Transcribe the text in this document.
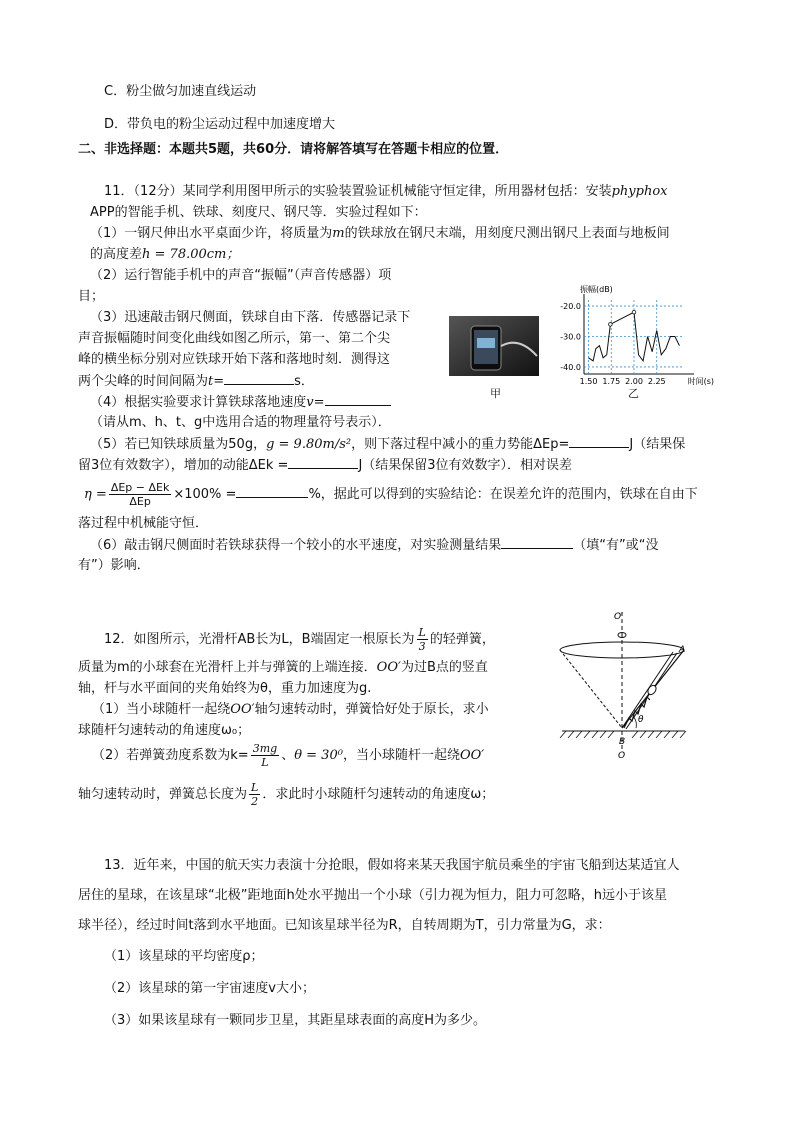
C．粉尘做匀加速直线运动
D．带负电的粉尘运动过程中加速度增大
二、非选择题：本题共5题，共60分．请将解答填写在答题卡相应的位置．
11．（12分）某同学利用图甲所示的实验装置验证机械能守恒定律，所用器材包括：安装phyphox
APP的智能手机、铁球、刻度尺、钢尺等．实验过程如下：
（1）一钢尺伸出水平桌面少许，将质量为m的铁球放在钢尺末端，用刻度尺测出钢尺上表面与地板间
的高度差h = 78.00cm；
（2）运行智能手机中的声音“振幅”（声音传感器）项
目；
（3）迅速敲击钢尺侧面，铁球自由下落．传感器记录下
声音振幅随时间变化曲线如图乙所示，第一、第二个尖
峰的横坐标分别对应铁球开始下落和落地时刻．测得这
两个尖峰的时间间隔为t=	s．
（4）根据实验要求计算铁球落地速度v=
（请从m、h、t、g中选用合适的物理量符号表示）．
（5）若已知铁球质量为50g，g = 9.80m/s²，则下落过程中减小的重力势能ΔEp=	J（结果保
留3位有效数字），增加的动能ΔEk =	J（结果保留3位有效数字）．相对误差
$\eta = \frac{\text{ΔEp − ΔEk}}{\text{ΔEp}} \times 100\%$ =	%，据此可以得到的实验结论：在误差允许的范围内，铁球在自由下
落过程中机械能守恒．
（6）敲击钢尺侧面时若铁球获得一个较小的水平速度，对实验测量结果	（填“有”或“没
有”）影响．
甲
振幅(dB)
-20.0
-30.0
-40.0
1.50 1.75 2.00 2.25	时间(s)
乙
12．如图所示，光滑杆AB长为L，B端固定一根原长为 $\frac{L}{3}$ 的轻弹簧，
质量为m的小球套在光滑杆上并与弹簧的上端连接．OO′为过B点的竖直
轴，杆与水平面间的夹角始终为θ，重力加速度为g.
（1）当小球随杆一起绕OO′轴匀速转动时，弹簧恰好处于原长，求小
球随杆匀速转动的角速度ω₀；
（2）若弹簧劲度系数为$k= \frac{3mg}{L}$ 、θ = 30⁰，当小球随杆一起绕OO′
轴匀速转动时，弹簧总长度为 $\frac{L}{2}$ ．求此时小球随杆匀速转动的角速度ω；
O′
A
θ
B
O
13．近年来，中国的航天实力表演十分抢眼，假如将来某天我国宇航员乘坐的宇宙飞船到达某适宜人
居住的星球，在该星球“北极”距地面h处水平抛出一个小球（引力视为恒力，阻力可忽略，h远小于该星
球半径），经过时间t落到水平地面。已知该星球半径为R，自转周期为T，引力常量为G，求：
（1）该星球的平均密度ρ；
（2）该星球的第一宇宙速度v大小；
（3）如果该星球有一颗同步卫星，其距星球表面的高度H为多少。
